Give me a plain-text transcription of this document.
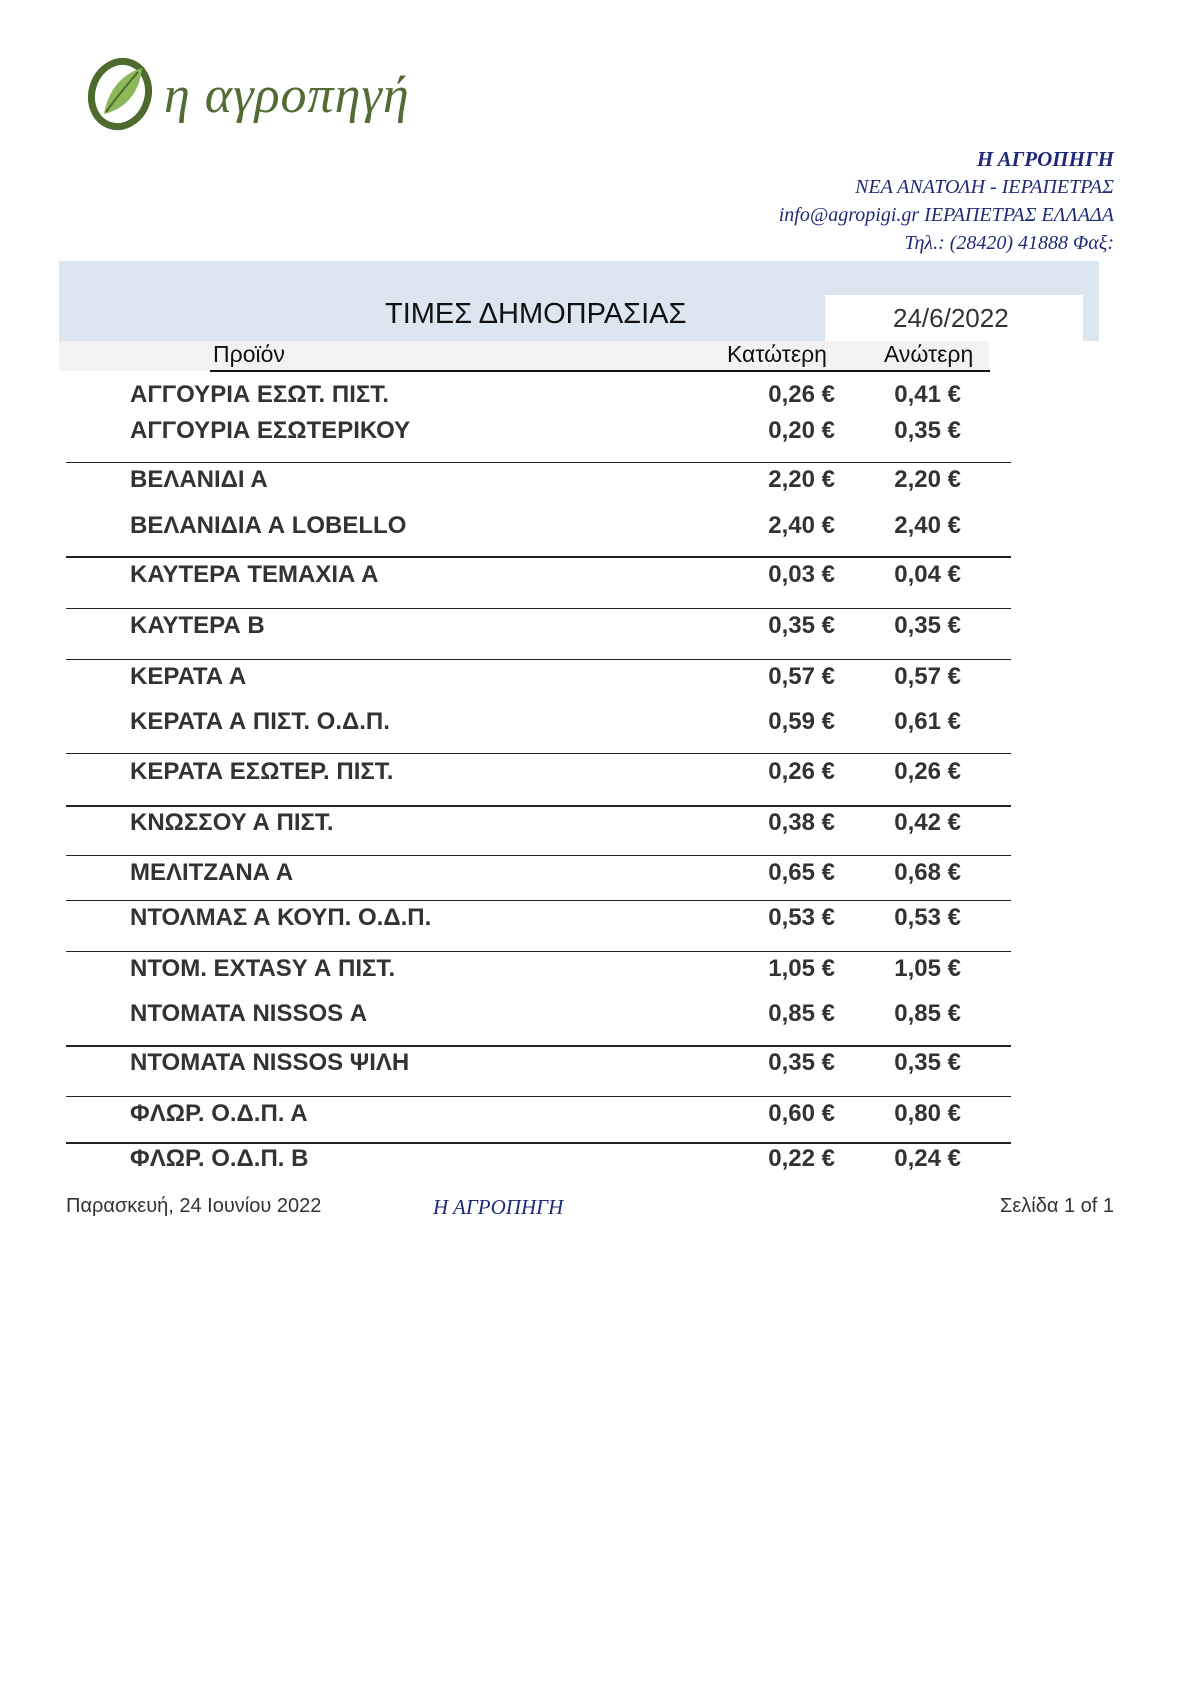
η αγροπηγή
Η ΑΓΡΟΠΗΓΗ
ΝΕΑ ΑΝΑΤΟΛΗ - ΙΕΡΑΠΕΤΡΑΣ
info@agropigi.gr ΙΕΡΑΠΕΤΡΑΣ ΕΛΛΑΔΑ
Τηλ.: (28420) 41888 Φαξ:
ΤΙΜΕΣ ΔΗΜΟΠΡΑΣΙΑΣ	24/6/2022
Προϊόν	Κατώτερη Ανώτερη
ΑΓΓΟΥΡΙΑ ΕΣΩΤ. ΠΙΣΤ.	0,26 €	0,41 €
ΑΓΓΟΥΡΙΑ ΕΣΩΤΕΡΙΚΟΥ	0,20 €	0,35 €
ΒΕΛΑΝΙΔΙ Α	2,20 €	2,20 €
ΒΕΛΑΝΙΔΙΑ Α LOBELLO	2,40 €	2,40 €
ΚΑΥΤΕΡΑ ΤΕΜΑΧΙΑ Α	0,03 €	0,04 €
ΚΑΥΤΕΡΑ Β	0,35 €	0,35 €
ΚΕΡΑΤΑ Α	0,57 €	0,57 €
ΚΕΡΑΤΑ Α ΠΙΣΤ. Ο.Δ.Π.	0,59 €	0,61 €
ΚΕΡΑΤΑ ΕΣΩΤΕΡ. ΠΙΣΤ.	0,26 €	0,26 €
ΚΝΩΣΣΟΥ Α ΠΙΣΤ.	0,38 €	0,42 €
ΜΕΛΙΤΖΑΝΑ Α	0,65 €	0,68 €
ΝΤΟΛΜΑΣ Α ΚΟΥΠ. Ο.Δ.Π.	0,53 €	0,53 €
ΝΤΟΜ. EXTASY Α ΠΙΣΤ.	1,05 €	1,05 €
ΝΤΟΜΑΤΑ NISSOS Α	0,85 €	0,85 €
ΝΤΟΜΑΤΑ NISSOS ΨΙΛΗ	0,35 €	0,35 €
ΦΛΩΡ. Ο.Δ.Π. Α	0,60 €	0,80 €
ΦΛΩΡ. Ο.Δ.Π. Β	0,22 €	0,24 €
Παρασκευή, 24 Ιουνίου 2022	Η ΑΓΡΟΠΗΓΗ	Σελίδα 1 of 1
